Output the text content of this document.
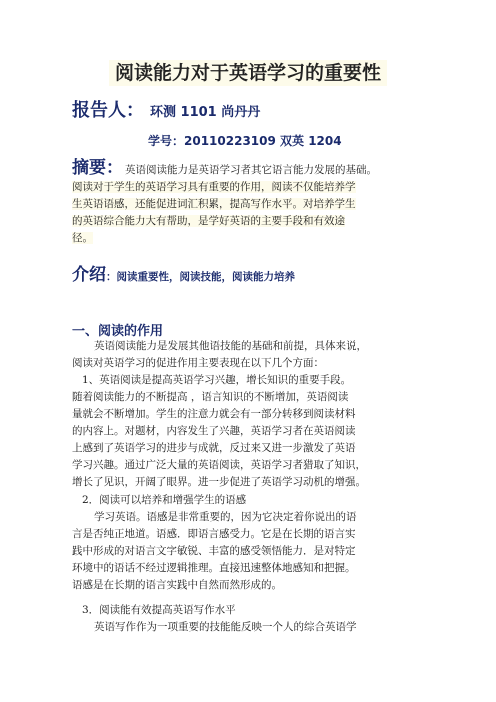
阅读能力对于英语学习的重要性
报告人： 环测 1101 尚丹丹
学号：20110223109 双英 1204
摘要： 英语阅读能力是英语学习者其它语言能力发展的基础。
阅读对于学生的英语学习具有重要的作用，阅读不仅能培养学
生英语语感，还能促进词汇积累，提高写作水平。对培养学生
的英语综合能力大有帮助，是学好英语的主要手段和有效途
径。
介绍：阅读重要性，阅读技能，阅读能力培养
一、阅读的作用
英语阅读能力是发展其他语技能的基础和前提，具体来说，
阅读对英语学习的促进作用主要表现在以下几个方面：
1、英语阅读是提高英语学习兴趣，增长知识的重要手段。
随着阅读能力的不断提高 ，语言知识的不断增加，英语阅读
量就会不断增加。学生的注意力就会有一部分转移到阅读材料
的内容上。对题材，内容发生了兴趣，英语学习者在英语阅读
上感到了英语学习的进步与成就，反过来又进一步激发了英语
学习兴趣。通过广泛大量的英语阅读，英语学习者猎取了知识，
增长了见识，开阔了眼界。进一步促进了英语学习动机的增强。
2．阅读可以培养和增强学生的语感
学习英语。语感是非常重要的，因为它决定着你说出的语
言是否纯正地道。语感．即语言感受力。它是在长期的语言实
践中形成的对语言文字敏锐、丰富的感受领悟能力．是对特定
环境中的语话不经过逻辑推理。直接迅速整体地感知和把握。
语感是在长期的语言实践中自然而然形成的。
3．阅读能有效提高英语写作水平
英语写作作为一项重要的技能能反映一个人的综合英语学
